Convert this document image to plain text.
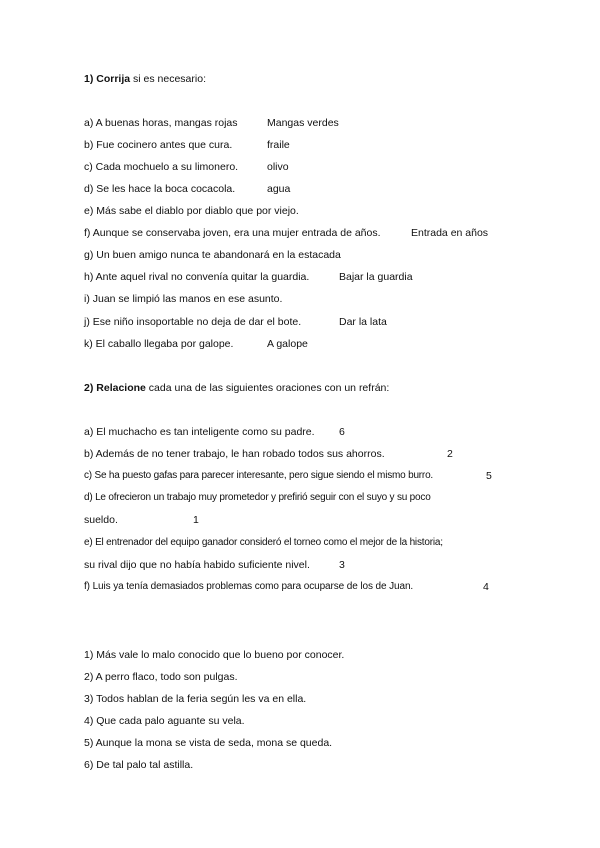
1) Corrija si es necesario:
a) A buenas horas, mangas rojas	Mangas verdes
b) Fue cocinero antes que cura.	fraile
c) Cada mochuelo a su limonero.	olivo
d) Se les hace la boca cocacola.	agua
e) Más sabe el diablo por diablo que por viejo.
f) Aunque se conservaba joven, era una mujer entrada de años.	Entrada en años
g) Un buen amigo nunca te abandonará en la estacada
h) Ante aquel rival no convenía quitar la guardia.	Bajar la guardia
i) Juan se limpió las manos en ese asunto.
j) Ese niño insoportable no deja de dar el bote.	Dar la lata
k) El caballo llegaba por galope.	A galope
2) Relacione cada una de las siguientes oraciones con un refrán:
a) El muchacho es tan inteligente como su padre. 6
b) Además de no tener trabajo, le han robado todos sus ahorros.	2
c) Se ha puesto gafas para parecer interesante, pero sigue siendo el mismo burro.	5
d) Le ofrecieron un trabajo muy prometedor y prefirió seguir con el suyo y su poco
sueldo.	1
e) El entrenador del equipo ganador consideró el torneo como el mejor de la historia;
su rival dijo que no había habido suficiente nivel.	3
f) Luis ya tenía demasiados problemas como para ocuparse de los de Juan.	4
1) Más vale lo malo conocido que lo bueno por conocer.
2) A perro flaco, todo son pulgas.
3) Todos hablan de la feria según les va en ella.
4) Que cada palo aguante su vela.
5) Aunque la mona se vista de seda, mona se queda.
6) De tal palo tal astilla.
